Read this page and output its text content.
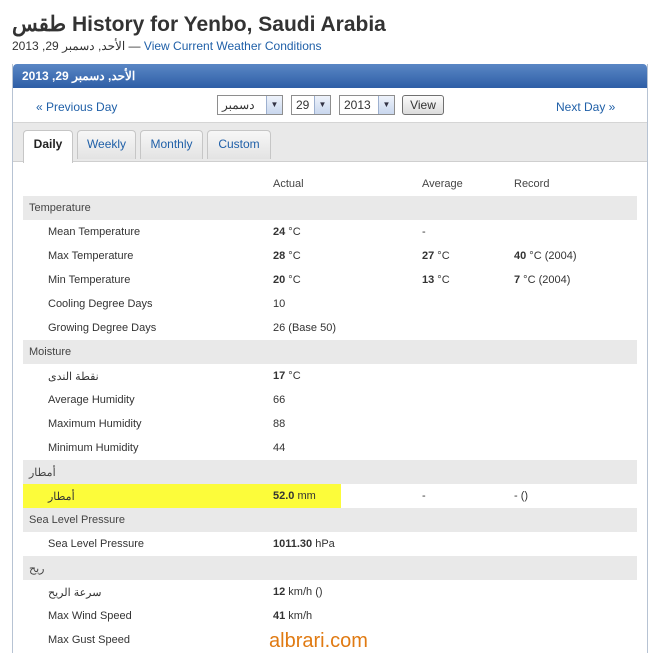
طقس History for Yenbo, Saudi Arabia
الأحد, دسمبر 29, 2013 — View Current Weather Conditions
الأحد, دسمبر 29, 2013
« Previous Day	دسمبر	▼	29	▼	2013	▼	View	Next Day »
Daily	Weekly	Monthly	Custom
Actual	Average	Record
Temperature
Mean Temperature	24 °C	-
Max Temperature	28 °C	27 °C	40 °C (2004)
Min Temperature	20 °C	13 °C	7 °C (2004)
Cooling Degree Days	10
Growing Degree Days	26 (Base 50)
Moisture
نقطة الندى	17 °C
Average Humidity	66
Maximum Humidity	88
Minimum Humidity	44
أمطار
أمطار	52.0 mm	-	- ()
Sea Level Pressure
Sea Level Pressure	1011.30 hPa
ريح
سرعة الريح	12 km/h ()
Max Wind Speed	41 km/h
Max Gust Speed	albrari.com
